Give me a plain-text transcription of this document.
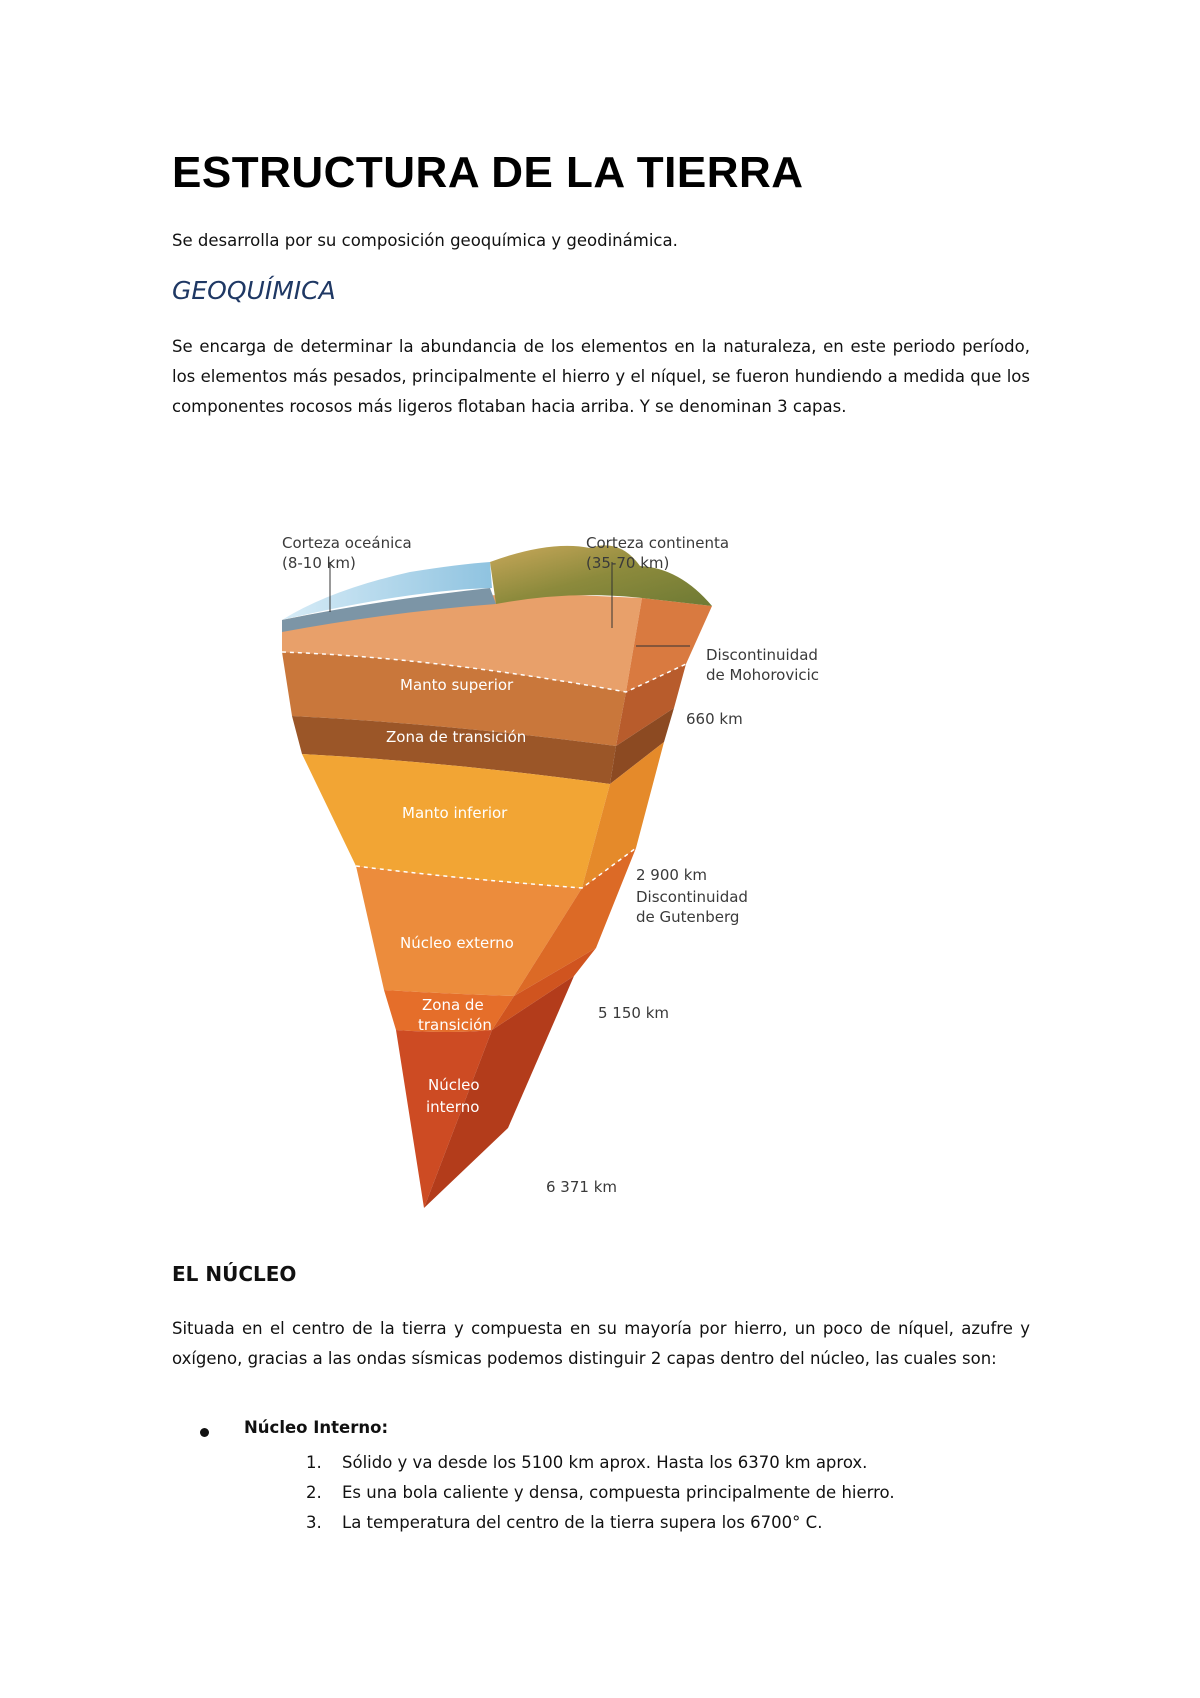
ESTRUCTURA DE LA TIERRA

Se desarrolla por su composición geoquímica y geodinámica.

GEOQUÍMICA

Se encarga de determinar la abundancia de los elementos en la naturaleza, en este periodo período, los elementos más pesados, principalmente el hierro y el níquel, se fueron hundiendo a medida que los componentes rocosos más ligeros flotaban hacia arriba. Y se denominan 3 capas.

Corteza oceánica
(8-10 km)
Corteza continenta
(35-70 km)
Discontinuidad
de Mohorovicic
660 km
Manto superior
Zona de transición
Manto inferior
2 900 km
Discontinuidad
de Gutenberg
Núcleo externo
Zona de
transición
5 150 km
Núcleo
interno
6 371 km
EL NÚCLEO

Situada en el centro de la tierra y compuesta en su mayoría por hierro, un poco de níquel, azufre y oxígeno, gracias a las ondas sísmicas podemos distinguir 2 capas dentro del núcleo, las cuales son:

Núcleo Interno:
1. Sólido y va desde los 5100 km aprox. Hasta los 6370 km aprox.
2. Es una bola caliente y densa, compuesta principalmente de hierro.
3. La temperatura del centro de la tierra supera los 6700° C.
